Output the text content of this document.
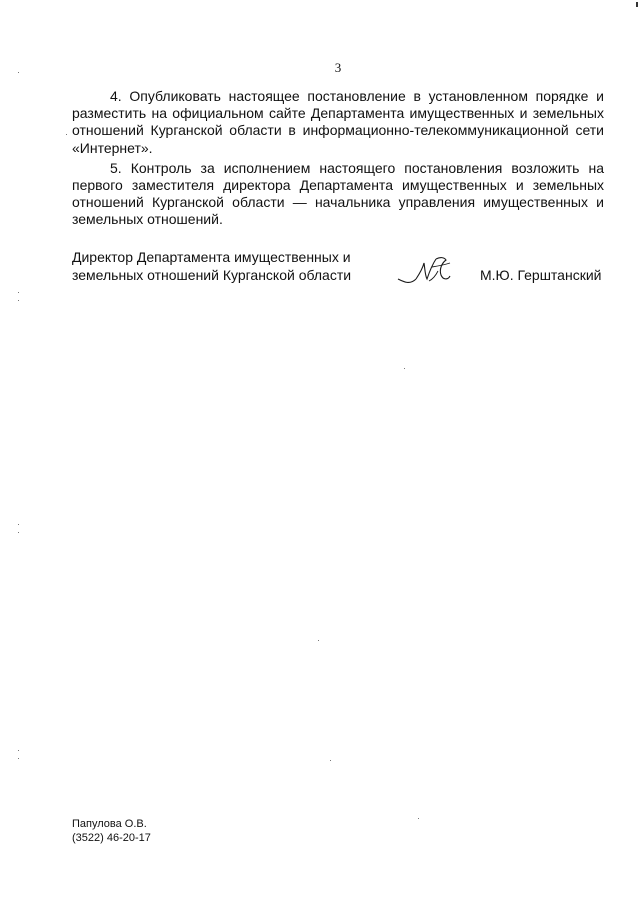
3

4. Опубликовать настоящее постановление в установленном порядке и разместить на официальном сайте Департамента имущественных и земельных отношений Курганской области в информационно-телекоммуникационной сети «Интернет».

5. Контроль за исполнением настоящего постановления возложить на первого заместителя директора Департамента имущественных и земельных отношений Курганской области — начальника управления имущественных и земельных отношений.

Директор Департамента имущественных и
земельных отношений Курганской области	М.Ю. Герштанский
Папулова О.В.
(3522) 46-20-17
